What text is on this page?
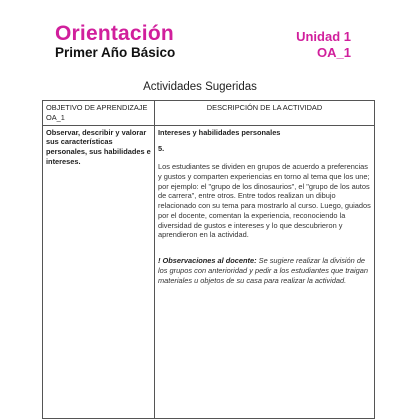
Orientación
Primer Año Básico
Unidad 1
OA_1
Actividades Sugeridas
OBJETIVO DE APRENDIZAJE OA_1	DESCRIPCIÓN DE LA ACTIVIDAD

Observar, describir y valorar sus características personales, sus habilidades e intereses.	Intereses y habilidades personales
5.
Los estudiantes se dividen en grupos de acuerdo a preferencias y gustos y comparten experiencias en torno al tema que los une; por ejemplo: el "grupo de los dinosaurios", el "grupo de los autos de carrera", entre otros. Entre todos realizan un dibujo relacionado con su tema para mostrarlo al curso. Luego, guiados por el docente, comentan la experiencia, reconociendo la diversidad de gustos e intereses y lo que descubrieron y aprendieron en la actividad.
! Observaciones al docente: Se sugiere realizar la división de los grupos con anterioridad y pedir a los estudiantes que traigan materiales u objetos de su casa para realizar la actividad.
